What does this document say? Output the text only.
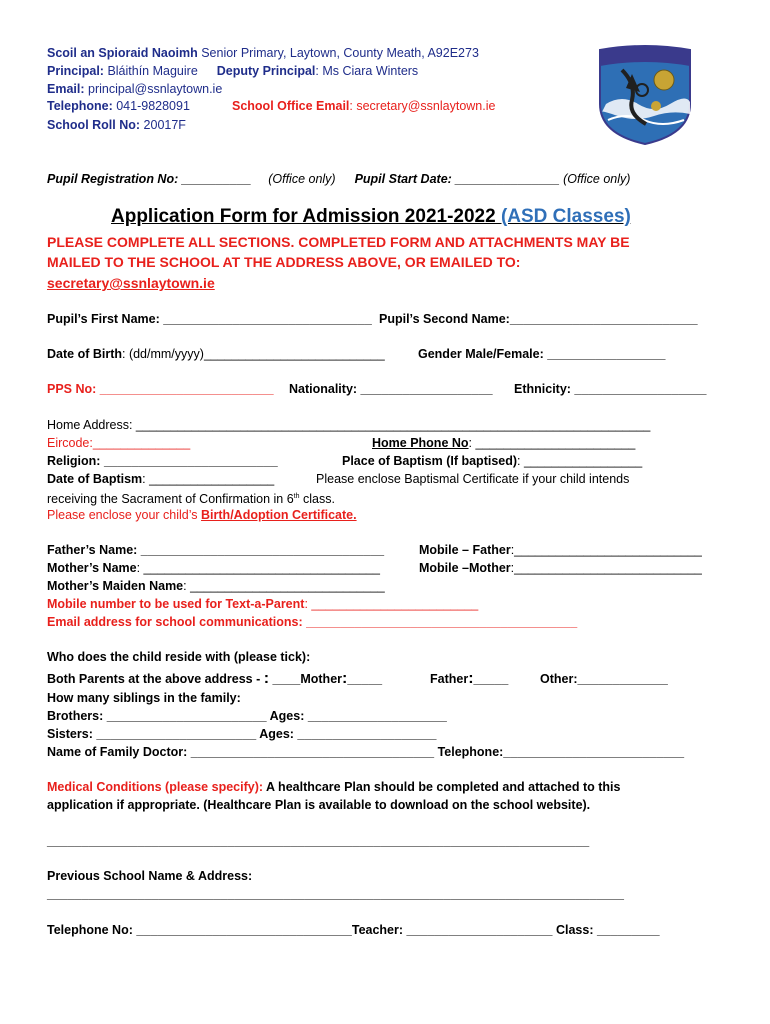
Scoil an Spioraid Naoimh Senior Primary, Laytown, County Meath, A92E273
Principal: Bláithín Maguire Deputy Principal: Ms Ciara Winters
Email: principal@ssnlaytown.ie
Telephone: 041-9828091	School Office Email: secretary@ssnlaytown.ie
School Roll No: 20017F
Pupil Registration No: __________ (Office only) Pupil Start Date: _______________ (Office only)
Application Form for Admission 2021-2022 (ASD Classes)
PLEASE COMPLETE ALL SECTIONS. COMPLETED FORM AND ATTACHMENTS MAY BE
MAILED TO THE SCHOOL AT THE ADDRESS ABOVE, OR EMAILED TO:
secretary@ssnlaytown.ie
Pupil’s First Name: ______________________________ Pupil’s Second Name:___________________________
Date of Birth: (dd/mm/yyyy)__________________________	Gender Male/Female: _________________
PPS No: _________________________ Nationality: ___________________ Ethnicity: ___________________
Home Address: __________________________________________________________________________
Eircode:______________	Home Phone No: _______________________
Religion: _________________________	Place of Baptism (If baptised): _________________
Date of Baptism: __________________	Please enclose Baptismal Certificate if your child intends
receiving the Sacrament of Confirmation in 6th class.
Please enclose your child’s Birth/Adoption Certificate.
Father’s Name: ___________________________________	Mobile – Father:___________________________
Mother’s Name: __________________________________	Mobile –Mother:___________________________
Mother’s Maiden Name: ____________________________
Mobile number to be used for Text-a-Parent: ________________________
Email address for school communications: _______________________________________
Who does the child reside with (please tick):
Both Parents at the above address - : ____Mother:_____	Father:_____	Other:_____________
How many siblings in the family:
Brothers: _______________________ Ages: ____________________
Sisters: _______________________ Ages: ____________________
Name of Family Doctor: ___________________________________ Telephone:__________________________
Medical Conditions (please specify): A healthcare Plan should be completed and attached to this
application if appropriate. (Healthcare Plan is available to download on the school website).
______________________________________________________________________________
Previous School Name & Address:
___________________________________________________________________________________
Telephone No: _______________________________Teacher: _____________________ Class: _________
